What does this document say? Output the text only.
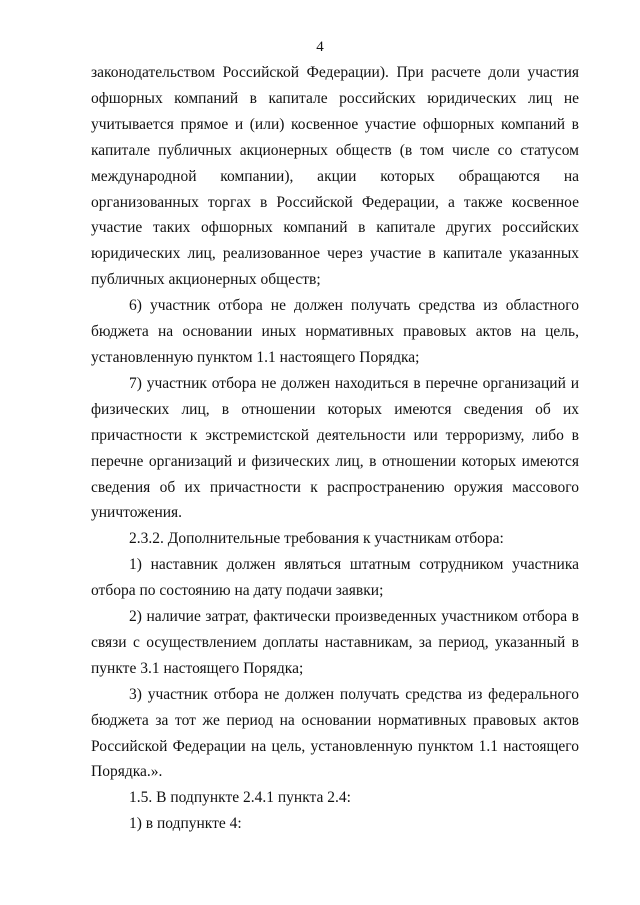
4

законодательством Российской Федерации). При расчете доли участия офшорных компаний в капитале российских юридических лиц не учитывается прямое и (или) косвенное участие офшорных компаний в капитале публичных акционерных обществ (в том числе со статусом международной компании), акции которых обращаются на организованных торгах в Российской Федерации, а также косвенное участие таких офшорных компаний в капитале других российских юридических лиц, реализованное через участие в капитале указанных публичных акционерных обществ;

6) участник отбора не должен получать средства из областного бюджета на основании иных нормативных правовых актов на цель, установленную пунктом 1.1 настоящего Порядка;

7) участник отбора не должен находиться в перечне организаций и физических лиц, в отношении которых имеются сведения об их причастности к экстремистской деятельности или терроризму, либо в перечне организаций и физических лиц, в отношении которых имеются сведения об их причастности к распространению оружия массового уничтожения.

2.3.2. Дополнительные требования к участникам отбора:

1) наставник должен являться штатным сотрудником участника отбора по состоянию на дату подачи заявки;

2) наличие затрат, фактически произведенных участником отбора в связи с осуществлением доплаты наставникам, за период, указанный в пункте 3.1 настоящего Порядка;

3) участник отбора не должен получать средства из федерального бюджета за тот же период на основании нормативных правовых актов Российской Федерации на цель, установленную пунктом 1.1 настоящего Порядка.».

1.5. В подпункте 2.4.1 пункта 2.4:

1) в подпункте 4:
